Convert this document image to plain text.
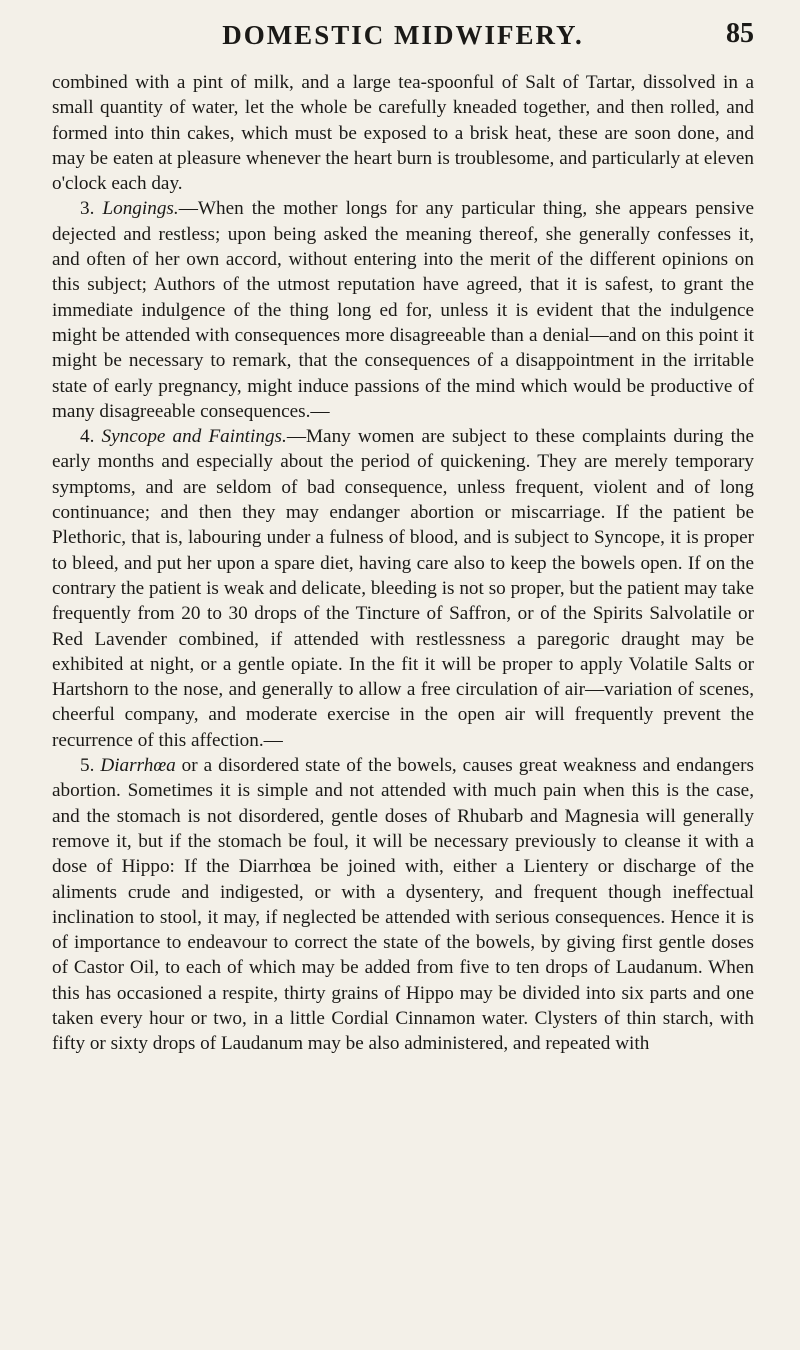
DOMESTIC MIDWIFERY.	85

combined with a pint of milk, and a large tea-spoonful of Salt of Tartar, dissolved in a small quantity of water, let the whole be carefully kneaded together, and then rolled, and formed into thin cakes, which must be exposed to a brisk heat, these are soon done, and may be eaten at pleasure whenever the heart burn is troublesome, and particularly at eleven o'clock each day.

3. Longings.—When the mother longs for any particular thing, she appears pensive dejected and restless; upon being asked the meaning thereof, she generally confesses it, and often of her own accord, without entering into the merit of the different opinions on this subject; Authors of the utmost reputation have agreed, that it is safest, to grant the immediate indulgence of the thing long ed for, unless it is evident that the indulgence might be attended with consequences more disagreeable than a denial—and on this point it might be necessary to remark, that the consequences of a disappointment in the irritable state of early pregnancy, might induce passions of the mind which would be productive of many disagreeable consequences.—

4. Syncope and Faintings.—Many women are subject to these complaints during the early months and especially about the period of quickening. They are merely temporary symptoms, and are seldom of bad consequence, unless frequent, violent and of long continuance; and then they may endanger abortion or miscarriage. If the patient be Plethoric, that is, labouring under a fulness of blood, and is subject to Syncope, it is proper to bleed, and put her upon a spare diet, having care also to keep the bowels open. If on the contrary the patient is weak and delicate, bleeding is not so proper, but the patient may take frequently from 20 to 30 drops of the Tincture of Saffron, or of the Spirits Salvolatile or Red Lavender combined, if attended with restlessness a paregoric draught may be exhibited at night, or a gentle opiate. In the fit it will be proper to apply Volatile Salts or Hartshorn to the nose, and generally to allow a free circulation of air—variation of scenes, cheerful company, and moderate exercise in the open air will frequently prevent the recurrence of this affection.—

5. Diarrhœa or a disordered state of the bowels, causes great weakness and endangers abortion. Sometimes it is simple and not attended with much pain when this is the case, and the stomach is not disordered, gentle doses of Rhubarb and Magnesia will generally remove it, but if the stomach be foul, it will be necessary previously to cleanse it with a dose of Hippo: If the Diarrhœa be joined with, either a Lientery or discharge of the aliments crude and indigested, or with a dysentery, and frequent though ineffectual inclination to stool, it may, if neglected be attended with serious consequences. Hence it is of importance to endeavour to correct the state of the bowels, by giving first gentle doses of Castor Oil, to each of which may be added from five to ten drops of Laudanum. When this has occasioned a respite, thirty grains of Hippo may be divided into six parts and one taken every hour or two, in a little Cordial Cinnamon water. Clysters of thin starch, with fifty or sixty drops of Laudanum may be also administered, and repeated with
